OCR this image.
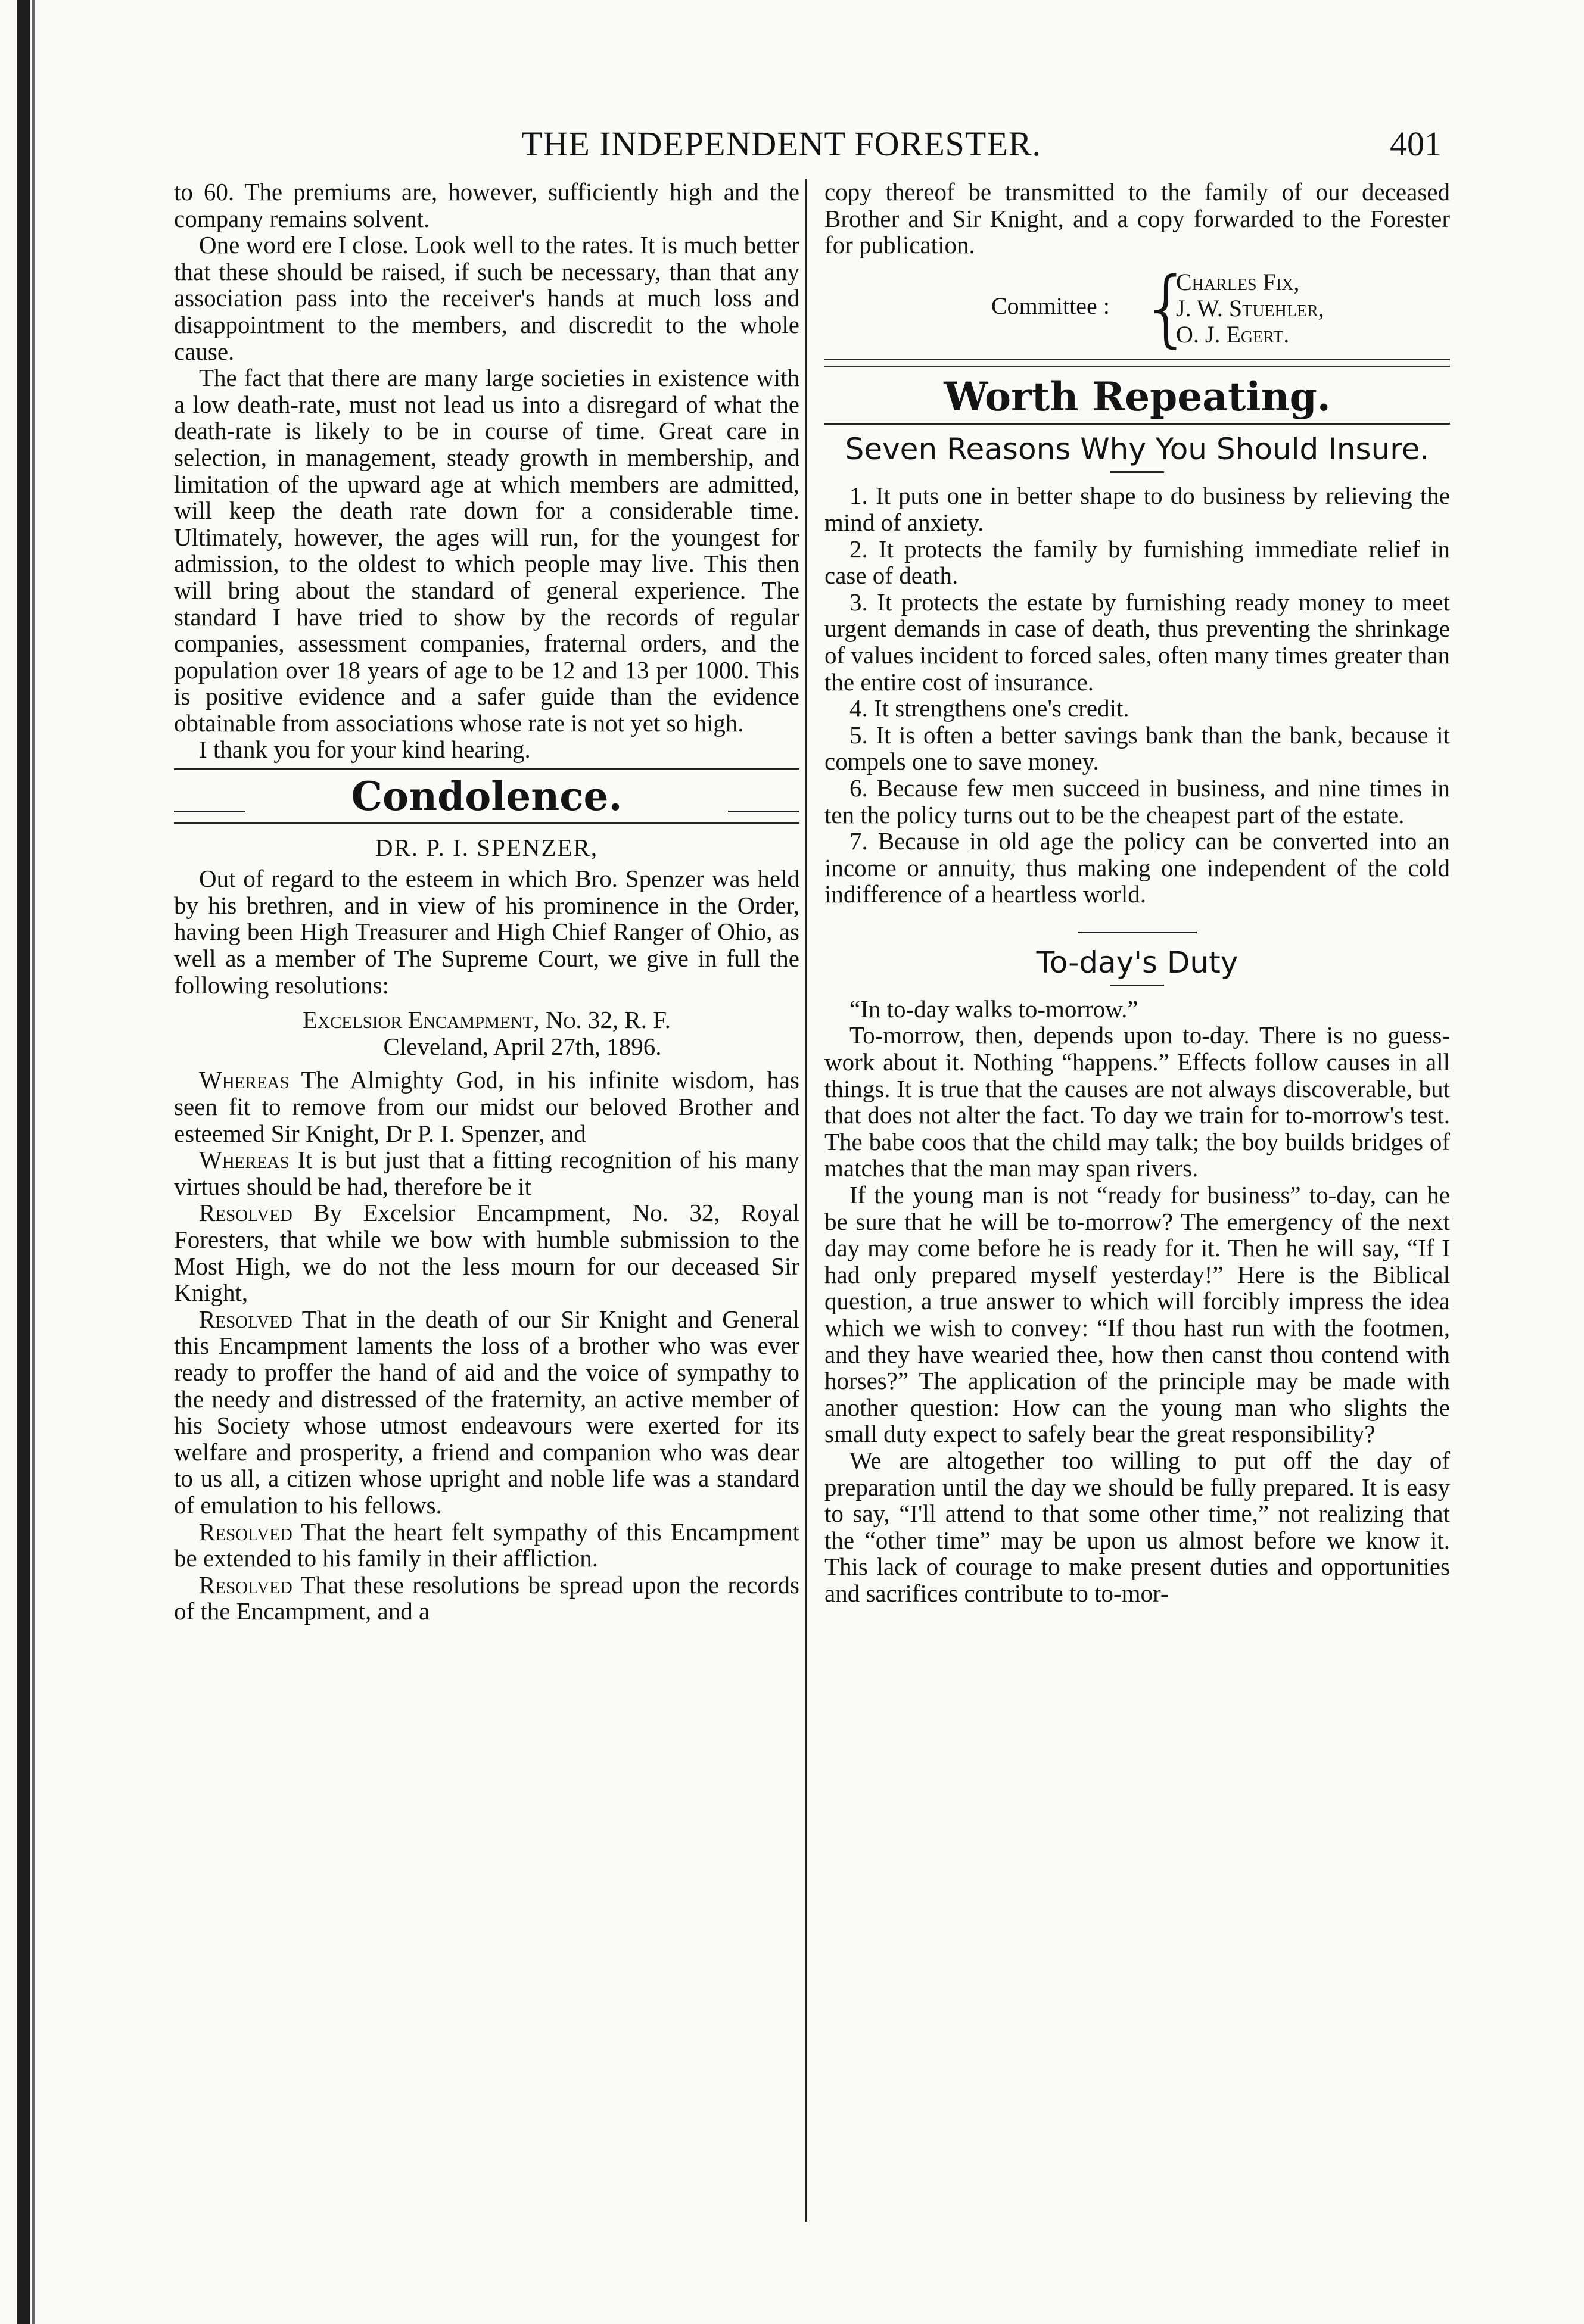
THE INDEPENDENT FORESTER.	401

to 60. The premiums are, however, sufficiently high and the company remains solvent.

One word ere I close. Look well to the rates. It is much better that these should be raised, if such be necessary, than that any association pass into the receiver's hands at much loss and disappointment to the members, and discredit to the whole cause.

The fact that there are many large societies in existence with a low death-rate, must not lead us into a disregard of what the death-rate is likely to be in course of time. Great care in selection, in management, steady growth in membership, and limitation of the upward age at which members are admitted, will keep the death rate down for a considerable time. Ultimately, however, the ages will run, for the youngest for admission, to the oldest to which people may live. This then will bring about the standard of general experience. The standard I have tried to show by the records of regular companies, assessment companies, fraternal orders, and the population over 18 years of age to be 12 and 13 per 1000. This is positive evidence and a safer guide than the evidence obtainable from associations whose rate is not yet so high.

I thank you for your kind hearing.

Condolence.

DR. P. I. SPENZER,

Out of regard to the esteem in which Bro. Spenzer was held by his brethren, and in view of his prominence in the Order, having been High Treasurer and High Chief Ranger of Ohio, as well as a member of The Supreme Court, we give in full the following resolutions:

Excelsior Encampment, No. 32, R. F.

Cleveland, April 27th, 1896.

Whereas The Almighty God, in his infinite wisdom, has seen fit to remove from our midst our beloved Brother and esteemed Sir Knight, Dr P. I. Spenzer, and

Whereas It is but just that a fitting recognition of his many virtues should be had, therefore be it

Resolved By Excelsior Encampment, No. 32, Royal Foresters, that while we bow with humble submission to the Most High, we do not the less mourn for our deceased Sir Knight,

Resolved That in the death of our Sir Knight and General this Encampment laments the loss of a brother who was ever ready to proffer the hand of aid and the voice of sympathy to the needy and distressed of the fraternity, an active member of his Society whose utmost endeavours were exerted for its welfare and prosperity, a friend and companion who was dear to us all, a citizen whose upright and noble life was a standard of emulation to his fellows.

Resolved That the heart felt sympathy of this Encampment be extended to his family in their affliction.

Resolved That these resolutions be spread upon the records of the Encampment, and a

copy thereof be transmitted to the family of our deceased Brother and Sir Knight, and a copy forwarded to the Forester for publication.

Committee : {
Charles Fix,
J. W. Stuehler,
O. J. Egert.
Worth Repeating.
Seven Reasons Why You Should Insure.

1. It puts one in better shape to do business by relieving the mind of anxiety.

2. It protects the family by furnishing immediate relief in case of death.

3. It protects the estate by furnishing ready money to meet urgent demands in case of death, thus preventing the shrinkage of values incident to forced sales, often many times greater than the entire cost of insurance.

4. It strengthens one's credit.

5. It is often a better savings bank than the bank, because it compels one to save money.

6. Because few men succeed in business, and nine times in ten the policy turns out to be the cheapest part of the estate.

7. Because in old age the policy can be converted into an income or annuity, thus making one independent of the cold indifference of a heartless world.

To-day's Duty

“In to-day walks to-morrow.”

To-morrow, then, depends upon to-day. There is no guess-work about it. Nothing “happens.” Effects follow causes in all things. It is true that the causes are not always discoverable, but that does not alter the fact. To day we train for to-morrow's test. The babe coos that the child may talk; the boy builds bridges of matches that the man may span rivers.

If the young man is not “ready for business” to-day, can he be sure that he will be to-morrow? The emergency of the next day may come before he is ready for it. Then he will say, “If I had only prepared myself yesterday!” Here is the Biblical question, a true answer to which will forcibly impress the idea which we wish to convey: “If thou hast run with the footmen, and they have wearied thee, how then canst thou contend with horses?” The application of the principle may be made with another question: How can the young man who slights the small duty expect to safely bear the great responsibility?

We are altogether too willing to put off the day of preparation until the day we should be fully prepared. It is easy to say, “I'll attend to that some other time,” not realizing that the “other time” may be upon us almost before we know it. This lack of courage to make present duties and opportunities and sacrifices contribute to to-mor-
